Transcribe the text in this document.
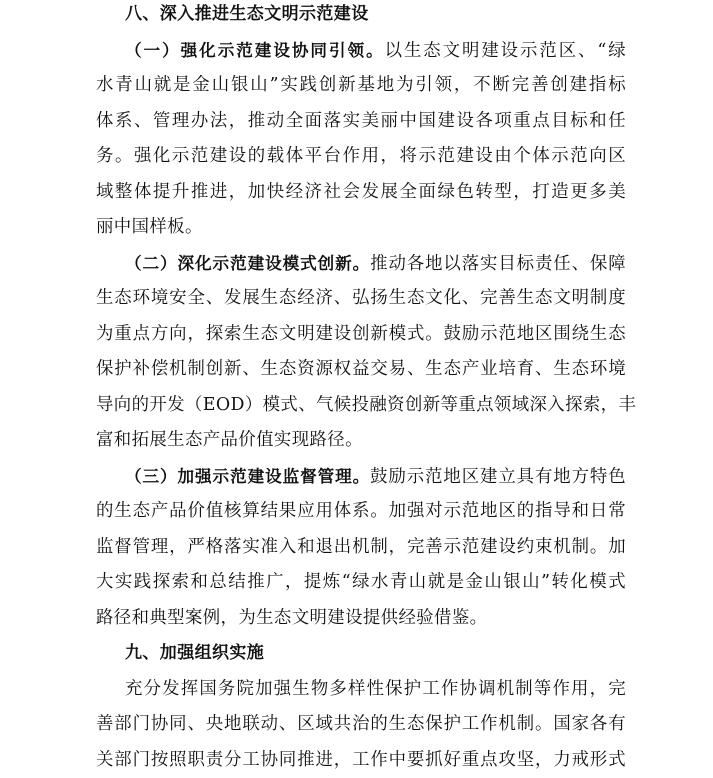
八、深入推进生态文明示范建设
（一）强化示范建设协同引领。以生态文明建设示范区、“绿
水青山就是金山银山”实践创新基地为引领，不断完善创建指标
体系、管理办法，推动全面落实美丽中国建设各项重点目标和任
务。强化示范建设的载体平台作用，将示范建设由个体示范向区
域整体提升推进，加快经济社会发展全面绿色转型，打造更多美
丽中国样板。
（二）深化示范建设模式创新。推动各地以落实目标责任、保障
生态环境安全、发展生态经济、弘扬生态文化、完善生态文明制度
为重点方向，探索生态文明建设创新模式。鼓励示范地区围绕生态
保护补偿机制创新、生态资源权益交易、生态产业培育、生态环境
导向的开发（EOD）模式、气候投融资创新等重点领域深入探索，丰
富和拓展生态产品价值实现路径。
（三）加强示范建设监督管理。鼓励示范地区建立具有地方特色
的生态产品价值核算结果应用体系。加强对示范地区的指导和日常
监督管理，严格落实准入和退出机制，完善示范建设约束机制。加
大实践探索和总结推广，提炼“绿水青山就是金山银山”转化模式
路径和典型案例，为生态文明建设提供经验借鉴。
九、加强组织实施
充分发挥国务院加强生物多样性保护工作协调机制等作用，完
善部门协同、央地联动、区域共治的生态保护工作机制。国家各有
关部门按照职责分工协同推进，工作中要抓好重点攻坚，力戒形式
